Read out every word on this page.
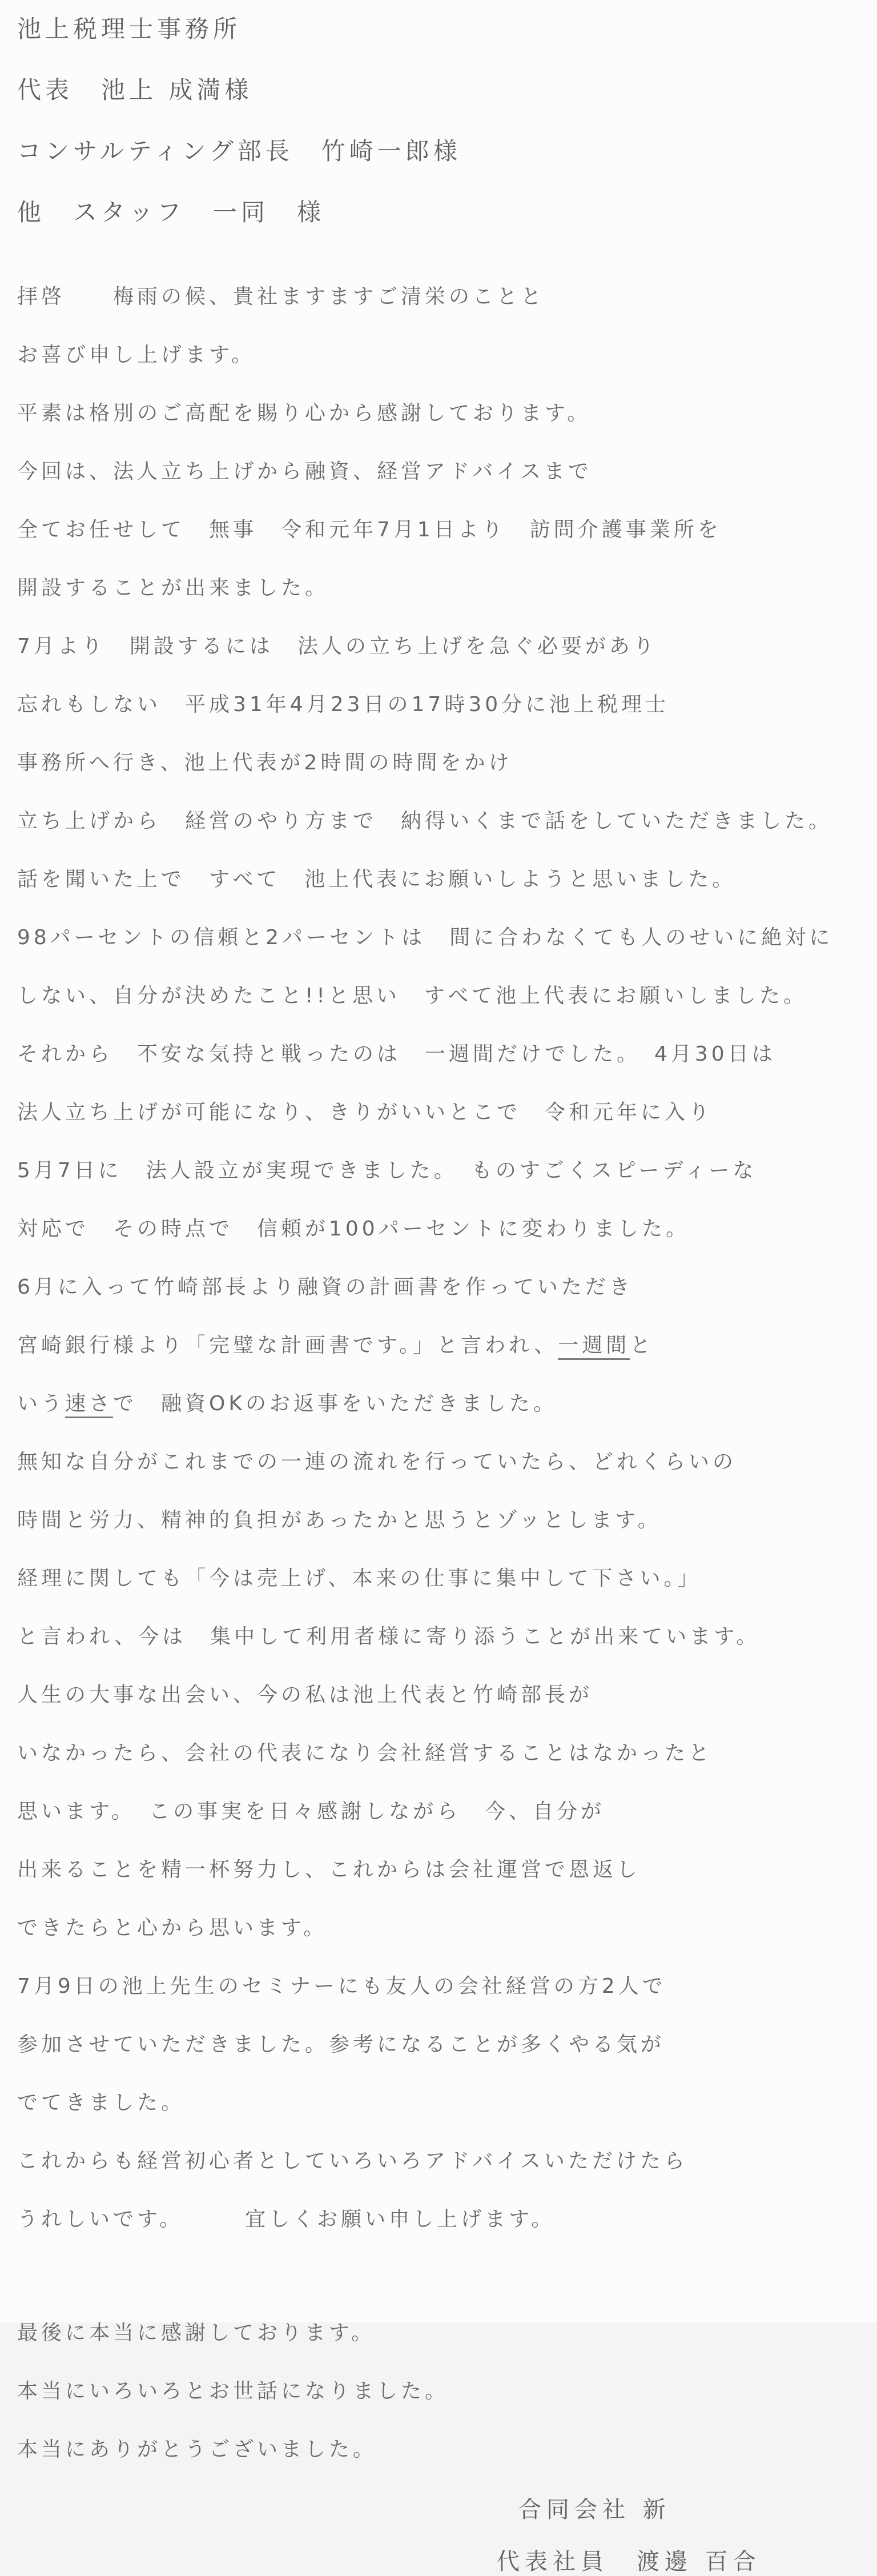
池上税理士事務所
代表　池上 成満様
コンサルティング部長　竹崎一郎様
他　スタッフ　一同　様
拝啓　　梅雨の候、貴社ますますご清栄のことと
お喜び申し上げます。
平素は格別のご高配を賜り心から感謝しております。
今回は、法人立ち上げから融資、経営アドバイスまで
全てお任せして　無事　令和元年7月1日より　訪問介護事業所を
開設することが出来ました。
7月より　開設するには　法人の立ち上げを急ぐ必要があり
忘れもしない　平成31年4月23日の17時30分に池上税理士
事務所へ行き、池上代表が2時間の時間をかけ
立ち上げから　経営のやり方まで　納得いくまで話をしていただきました。
話を聞いた上で　すべて　池上代表にお願いしようと思いました。
98パーセントの信頼と2パーセントは　間に合わなくても人のせいに絶対に
しない、自分が決めたこと!!と思い　すべて池上代表にお願いしました。
それから　不安な気持と戦ったのは　一週間だけでした。　4月30日は
法人立ち上げが可能になり、きりがいいとこで　令和元年に入り
5月7日に　法人設立が実現できました。　ものすごくスピーディーな
対応で　その時点で　信頼が100パーセントに変わりました。
6月に入って竹崎部長より融資の計画書を作っていただき
宮崎銀行様より「完璧な計画書です。」と言われ、一週間と
いう速さで　融資OKのお返事をいただきました。
無知な自分がこれまでの一連の流れを行っていたら、どれくらいの
時間と労力、精神的負担があったかと思うとゾッとします。
経理に関しても「今は売上げ、本来の仕事に集中して下さい。」
と言われ、今は　集中して利用者様に寄り添うことが出来ています。
人生の大事な出会い、今の私は池上代表と竹崎部長が
いなかったら、会社の代表になり会社経営することはなかったと
思います。　この事実を日々感謝しながら　今、自分が
出来ることを精一杯努力し、これからは会社運営で恩返し
できたらと心から思います。
7月9日の池上先生のセミナーにも友人の会社経営の方2人で
参加させていただきました。参考になることが多くやる気が
でてきました。
これからも経営初心者としていろいろアドバイスいただけたら
うれしいです。　　　宜しくお願い申し上げます。
最後に本当に感謝しております。
本当にいろいろとお世話になりました。
本当にありがとうございました。
合同会社 新
代表社員　渡邊 百合
